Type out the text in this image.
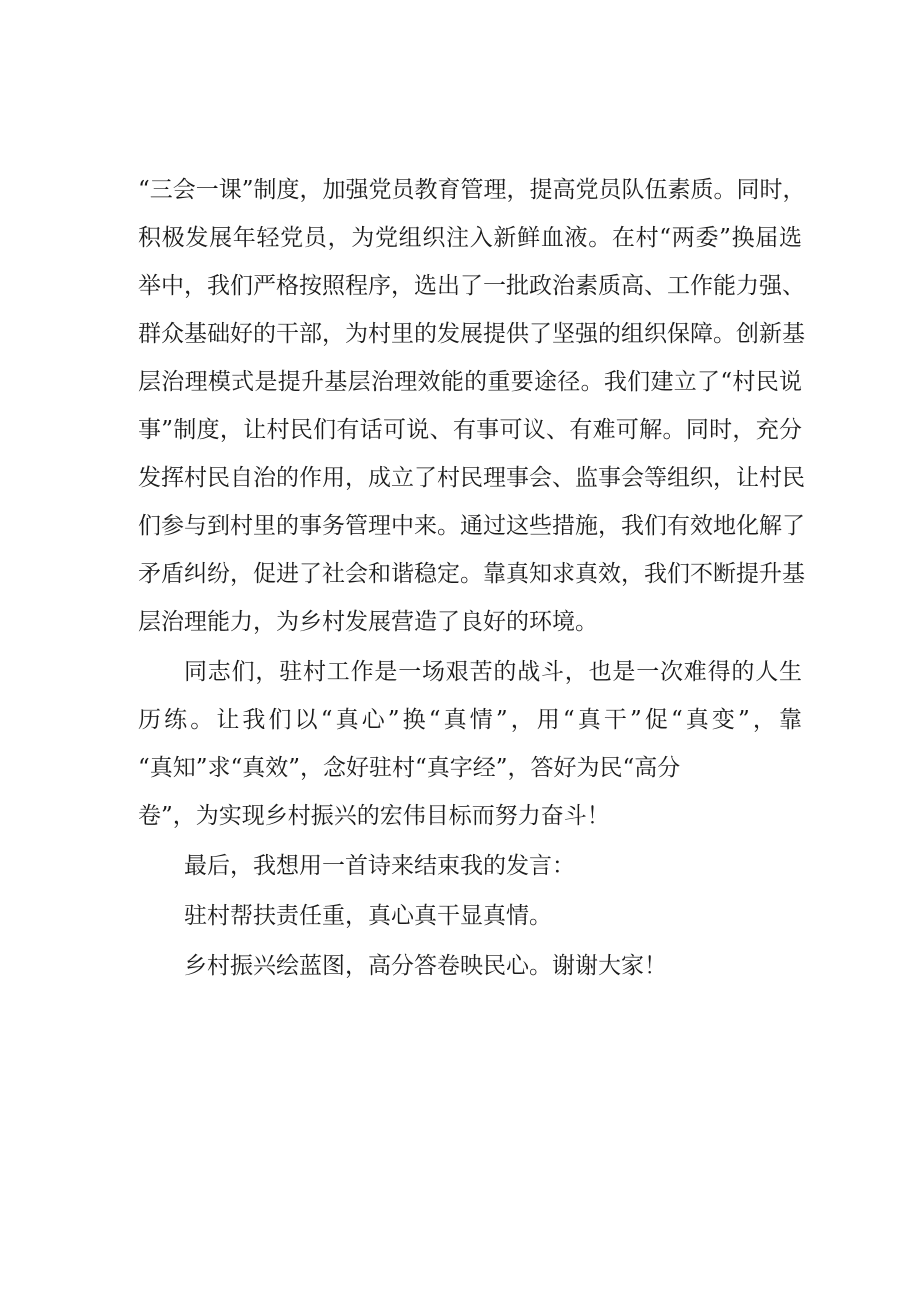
“三会一课”制度，加强党员教育管理，提高党员队伍素质。同时，
积极发展年轻党员，为党组织注入新鲜血液。在村“两委”换届选
举中，我们严格按照程序，选出了一批政治素质高、工作能力强、
群众基础好的干部，为村里的发展提供了坚强的组织保障。创新基
层治理模式是提升基层治理效能的重要途径。我们建立了“村民说
事”制度，让村民们有话可说、有事可议、有难可解。同时，充分
发挥村民自治的作用，成立了村民理事会、监事会等组织，让村民
们参与到村里的事务管理中来。通过这些措施，我们有效地化解了
矛盾纠纷，促进了社会和谐稳定。靠真知求真效，我们不断提升基
层治理能力，为乡村发展营造了良好的环境。
同志们，驻村工作是一场艰苦的战斗，也是一次难得的人生
历练。让我们以“真心”换“真情”，用“真干”促“真变”，靠
“真知”求“真效”，念好驻村“真字经”，答好为民“高分
卷”，为实现乡村振兴的宏伟目标而努力奋斗！
最后，我想用一首诗来结束我的发言：
驻村帮扶责任重，真心真干显真情。
乡村振兴绘蓝图，高分答卷映民心。谢谢大家！
